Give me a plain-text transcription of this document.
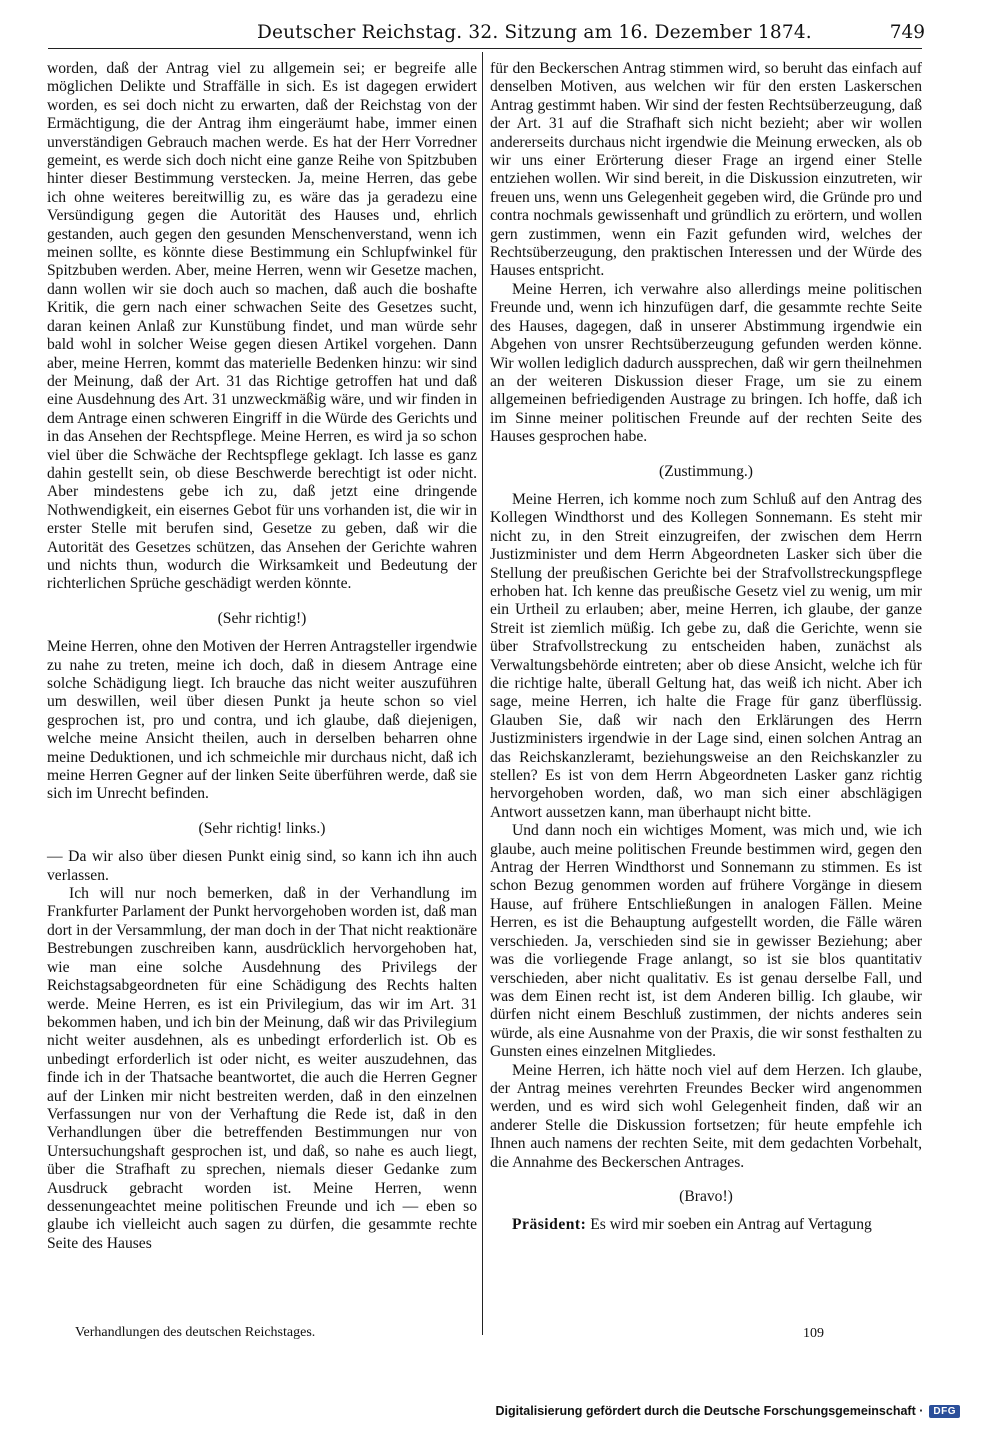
Deutscher Reichstag. 32. Sitzung am 16. Dezember 1874.	749

worden, daß der Antrag viel zu allgemein sei; er begreife alle möglichen Delikte und Straffälle in sich. Es ist dagegen erwidert worden, es sei doch nicht zu erwarten, daß der Reichstag von der Ermächtigung, die der Antrag ihm eingeräumt habe, immer einen unverständigen Gebrauch machen werde. Es hat der Herr Vorredner gemeint, es werde sich doch nicht eine ganze Reihe von Spitzbuben hinter dieser Bestimmung verstecken. Ja, meine Herren, das gebe ich ohne weiteres bereitwillig zu, es wäre das ja geradezu eine Versündigung gegen die Autorität des Hauses und, ehrlich gestanden, auch gegen den gesunden Menschenverstand, wenn ich meinen sollte, es könnte diese Bestimmung ein Schlupfwinkel für Spitzbuben werden. Aber, meine Herren, wenn wir Gesetze machen, dann wollen wir sie doch auch so machen, daß auch die boshafte Kritik, die gern nach einer schwachen Seite des Gesetzes sucht, daran keinen Anlaß zur Kunstübung findet, und man würde sehr bald wohl in solcher Weise gegen diesen Artikel vorgehen. Dann aber, meine Herren, kommt das materielle Bedenken hinzu: wir sind der Meinung, daß der Art. 31 das Richtige getroffen hat und daß eine Ausdehnung des Art. 31 unzweckmäßig wäre, und wir finden in dem Antrage einen schweren Eingriff in die Würde des Gerichts und in das Ansehen der Rechtspflege. Meine Herren, es wird ja so schon viel über die Schwäche der Rechtspflege geklagt. Ich lasse es ganz dahin gestellt sein, ob diese Beschwerde berechtigt ist oder nicht. Aber mindestens gebe ich zu, daß jetzt eine dringende Nothwendigkeit, ein eisernes Gebot für uns vorhanden ist, die wir in erster Stelle mit berufen sind, Gesetze zu geben, daß wir die Autorität des Gesetzes schützen, das Ansehen der Gerichte wahren und nichts thun, wodurch die Wirksamkeit und Bedeutung der richterlichen Sprüche geschädigt werden könnte.

(Sehr richtig!)

Meine Herren, ohne den Motiven der Herren Antragsteller irgendwie zu nahe zu treten, meine ich doch, daß in diesem Antrage eine solche Schädigung liegt. Ich brauche das nicht weiter auszuführen um deswillen, weil über diesen Punkt ja heute schon so viel gesprochen ist, pro und contra, und ich glaube, daß diejenigen, welche meine Ansicht theilen, auch in derselben beharren ohne meine Deduktionen, und ich schmeichle mir durchaus nicht, daß ich meine Herren Gegner auf der linken Seite überführen werde, daß sie sich im Unrecht befinden.

(Sehr richtig! links.)

— Da wir also über diesen Punkt einig sind, so kann ich ihn auch verlassen.

Ich will nur noch bemerken, daß in der Verhandlung im Frankfurter Parlament der Punkt hervorgehoben worden ist, daß man dort in der Versammlung, der man doch in der That nicht reaktionäre Bestrebungen zuschreiben kann, ausdrücklich hervorgehoben hat, wie man eine solche Ausdehnung des Privilegs der Reichstagsabgeordneten für eine Schädigung des Rechts halten werde. Meine Herren, es ist ein Privilegium, das wir im Art. 31 bekommen haben, und ich bin der Meinung, daß wir das Privilegium nicht weiter ausdehnen, als es unbedingt erforderlich ist. Ob es unbedingt erforderlich ist oder nicht, es weiter auszudehnen, das finde ich in der Thatsache beantwortet, die auch die Herren Gegner auf der Linken mir nicht bestreiten werden, daß in den einzelnen Verfassungen nur von der Verhaftung die Rede ist, daß in den Verhandlungen über die betreffenden Bestimmungen nur von Untersuchungshaft gesprochen ist, und daß, so nahe es auch liegt, über die Strafhaft zu sprechen, niemals dieser Gedanke zum Ausdruck gebracht worden ist. Meine Herren, wenn dessenungeachtet meine politischen Freunde und ich — eben so glaube ich vielleicht auch sagen zu dürfen, die gesammte rechte Seite des Hauses

für den Beckerschen Antrag stimmen wird, so beruht das einfach auf denselben Motiven, aus welchen wir für den ersten Laskerschen Antrag gestimmt haben. Wir sind der festen Rechtsüberzeugung, daß der Art. 31 auf die Strafhaft sich nicht bezieht; aber wir wollen andererseits durchaus nicht irgendwie die Meinung erwecken, als ob wir uns einer Erörterung dieser Frage an irgend einer Stelle entziehen wollen. Wir sind bereit, in die Diskussion einzutreten, wir freuen uns, wenn uns Gelegenheit gegeben wird, die Gründe pro und contra nochmals gewissenhaft und gründlich zu erörtern, und wollen gern zustimmen, wenn ein Fazit gefunden wird, welches der Rechtsüberzeugung, den praktischen Interessen und der Würde des Hauses entspricht.

Meine Herren, ich verwahre also allerdings meine politischen Freunde und, wenn ich hinzufügen darf, die gesammte rechte Seite des Hauses, dagegen, daß in unserer Abstimmung irgendwie ein Abgehen von unsrer Rechtsüberzeugung gefunden werden könne. Wir wollen lediglich dadurch aussprechen, daß wir gern theilnehmen an der weiteren Diskussion dieser Frage, um sie zu einem allgemeinen befriedigenden Austrage zu bringen. Ich hoffe, daß ich im Sinne meiner politischen Freunde auf der rechten Seite des Hauses gesprochen habe.

(Zustimmung.)

Meine Herren, ich komme noch zum Schluß auf den Antrag des Kollegen Windthorst und des Kollegen Sonnemann. Es steht mir nicht zu, in den Streit einzugreifen, der zwischen dem Herrn Justizminister und dem Herrn Abgeordneten Lasker sich über die Stellung der preußischen Gerichte bei der Strafvollstreckungspflege erhoben hat. Ich kenne das preußische Gesetz viel zu wenig, um mir ein Urtheil zu erlauben; aber, meine Herren, ich glaube, der ganze Streit ist ziemlich müßig. Ich gebe zu, daß die Gerichte, wenn sie über Strafvollstreckung zu entscheiden haben, zunächst als Verwaltungsbehörde eintreten; aber ob diese Ansicht, welche ich für die richtige halte, überall Geltung hat, das weiß ich nicht. Aber ich sage, meine Herren, ich halte die Frage für ganz überflüssig. Glauben Sie, daß wir nach den Erklärungen des Herrn Justizministers irgendwie in der Lage sind, einen solchen Antrag an das Reichskanzleramt, beziehungsweise an den Reichskanzler zu stellen? Es ist von dem Herrn Abgeordneten Lasker ganz richtig hervorgehoben worden, daß, wo man sich einer abschlägigen Antwort aussetzen kann, man überhaupt nicht bitte.

Und dann noch ein wichtiges Moment, was mich und, wie ich glaube, auch meine politischen Freunde bestimmen wird, gegen den Antrag der Herren Windthorst und Sonnemann zu stimmen. Es ist schon Bezug genommen worden auf frühere Vorgänge in diesem Hause, auf frühere Entschließungen in analogen Fällen. Meine Herren, es ist die Behauptung aufgestellt worden, die Fälle wären verschieden. Ja, verschieden sind sie in gewisser Beziehung; aber was die vorliegende Frage anlangt, so ist sie blos quantitativ verschieden, aber nicht qualitativ. Es ist genau derselbe Fall, und was dem Einen recht ist, ist dem Anderen billig. Ich glaube, wir dürfen nicht einem Beschluß zustimmen, der nichts anderes sein würde, als eine Ausnahme von der Praxis, die wir sonst festhalten zu Gunsten eines einzelnen Mitgliedes.

Meine Herren, ich hätte noch viel auf dem Herzen. Ich glaube, der Antrag meines verehrten Freundes Becker wird angenommen werden, und es wird sich wohl Gelegenheit finden, daß wir an anderer Stelle die Diskussion fortsetzen; für heute empfehle ich Ihnen auch namens der rechten Seite, mit dem gedachten Vorbehalt, die Annahme des Beckerschen Antrages.

(Bravo!)

Präsident: Es wird mir soeben ein Antrag auf Vertagung

Verhandlungen des deutschen Reichstages.	109
Digitalisierung gefördert durch die Deutsche Forschungsgemeinschaft ·	DFG
